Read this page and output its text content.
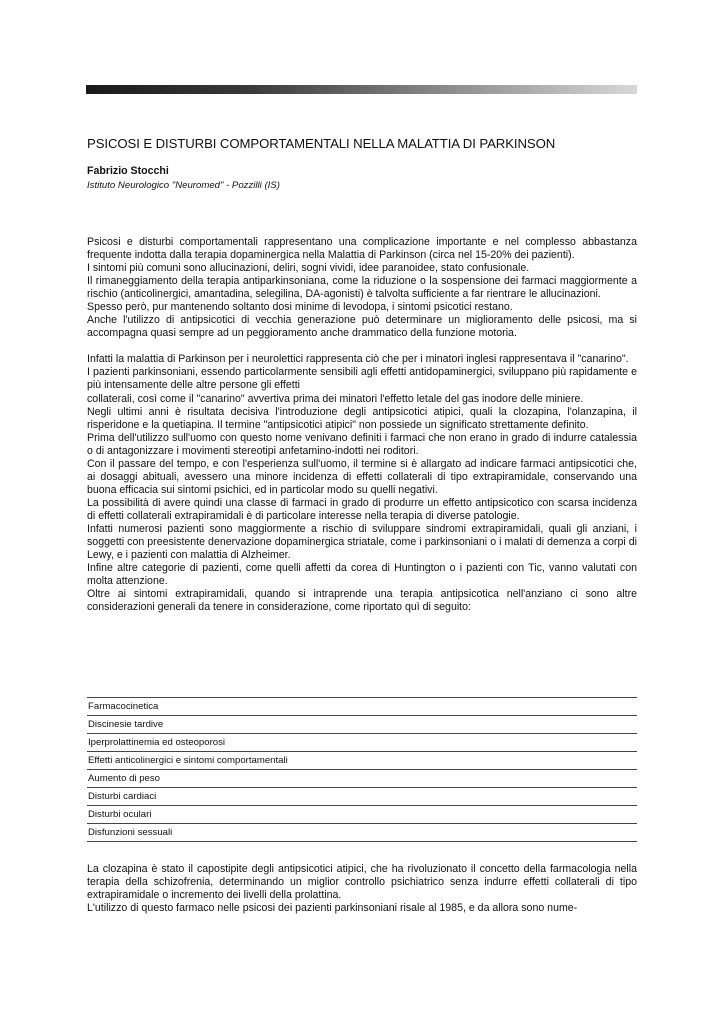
PSICOSI E DISTURBI COMPORTAMENTALI NELLA MALATTIA DI PARKINSON

Fabrizio Stocchi

Istituto Neurologico "Neuromed" - Pozzilli (IS)

Psicosi e disturbi comportamentali rappresentano una complicazione importante e nel complesso abbastanza frequente indotta dalla terapia dopaminergica nella Malattia di Parkinson (circa nel 15-20% dei pazienti).

I sintomi più comuni sono allucinazioni, deliri, sogni vividi, idee paranoidee, stato confusionale.

Il rimaneggiamento della terapia antiparkinsoniana, come la riduzione o la sospensione dei farmaci maggiormente a rischio (anticolinergici, amantadina, selegilina, DA-agonisti) è talvolta sufficiente a far rientrare le allucinazioni.

Spesso però, pur mantenendo soltanto dosi minime di levodopa, i sintomi psicotici restano.

Anche l'utilizzo di antipsicotici di vecchia generazione può determinare un miglioramento delle psicosi, ma si accompagna quasi sempre ad un peggioramento anche drammatico della funzione motoria.

Infatti la malattia di Parkinson per i neurolettici rappresenta ciò che per i minatori inglesi rappresentava il "canarino".

I pazienti parkinsoniani, essendo particolarmente sensibili agli effetti antidopaminergici, sviluppano più rapidamente e più intensamente delle altre persone gli effetti

collaterali, così come il "canarino" avvertiva prima dei minatori l'effetto letale del gas inodore delle miniere.

Negli ultimi anni è risultata decisiva l'introduzione degli antipsicotici atipici, quali la clozapina, l'olanzapina, il risperidone e la quetiapina. Il termine "antipsicotici atipici" non possiede un significato strettamente definito.

Prima dell'utilizzo sull'uomo con questo nome venivano definiti i farmaci che non erano in grado di indurre catalessia o di antagonizzare i movimenti stereotipi anfetamino-indotti nei roditori.

Con il passare del tempo, e con l'esperienza sull'uomo, il termine si è allargato ad indicare farmaci antipsicotici che, ai dosaggi abituali, avessero una minore incidenza di effetti collaterali di tipo extrapiramidale, conservando una buona efficacia sui sintomi psichici, ed in particolar modo su quelli negativi.

La possibilità di avere quindi una classe di farmaci in grado di produrre un effetto antipsicotico con scarsa incidenza di effetti collaterali extrapiramidali è di particolare interesse nella terapia di diverse patologie.

Infatti numerosi pazienti sono maggiormente a rischio di sviluppare sindromi extrapiramidali, quali gli anziani, i soggetti con preesistente denervazione dopaminergica striatale, come i parkinsoniani o i malati di demenza a corpi di Lewy, e i pazienti con malattia di Alzheimer.

Infine altre categorie di pazienti, come quelli affetti da corea di Huntington o i pazienti con Tic, vanno valutati con molta attenzione.

Oltre ai sintomi extrapiramidali, quando si intraprende una terapia antipsicotica nell'anziano ci sono altre considerazioni generali da tenere in considerazione, come riportato quì di seguito:

Farmacocinetica
Discinesie tardive
Iperprolattinemia ed osteoporosi
Effetti anticolinergici e sintomi comportamentali
Aumento di peso
Disturbi cardiaci
Disturbi oculari
Disfunzioni sessuali

La clozapina è stato il capostipite degli antipsicotici atipici, che ha rivoluzionato il concetto della farmacologia nella terapia della schizofrenia, determinando un miglior controllo psichiatrico senza indurre effetti collaterali di tipo extrapiramidale o incremento dei livelli della prolattina.

L'utilizzo di questo farmaco nelle psicosi dei pazienti parkinsoniani risale al 1985, e da allora sono nume-
